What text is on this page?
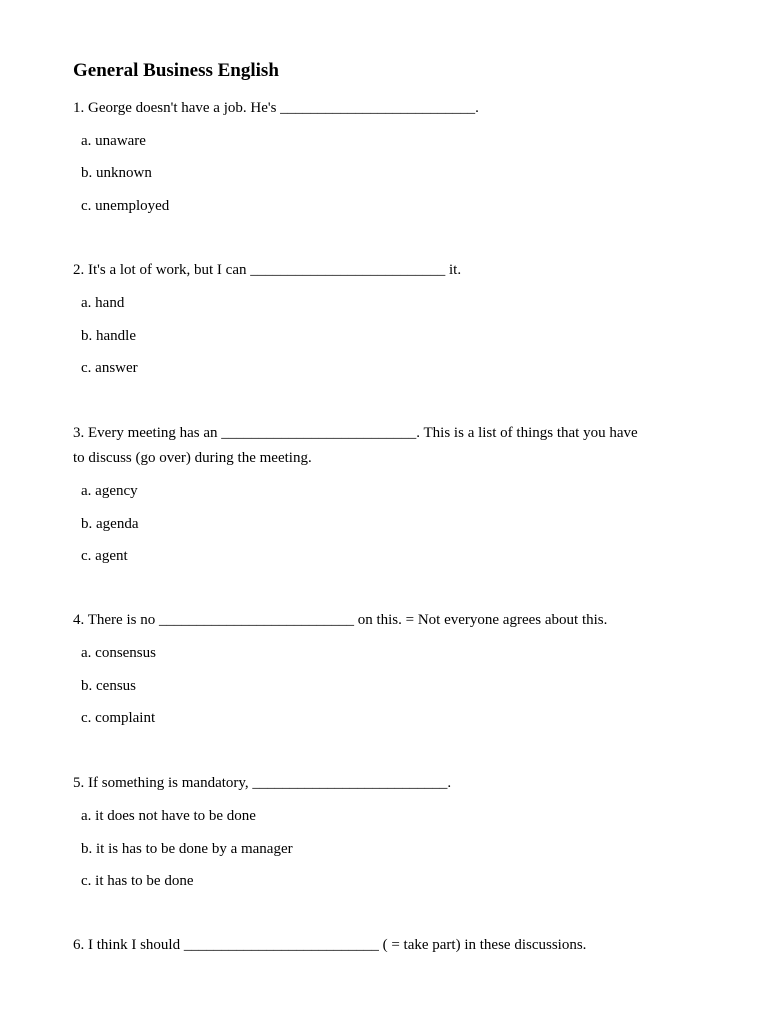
General Business English
1. George doesn't have a job. He's __________________________.
a. unaware
b. unknown
c. unemployed
2. It's a lot of work, but I can __________________________ it.
a. hand
b. handle
c. answer
3. Every meeting has an __________________________. This is a list of things that you have
to discuss (go over) during the meeting.
a. agency
b. agenda
c. agent
4. There is no __________________________ on this. = Not everyone agrees about this.
a. consensus
b. census
c. complaint
5. If something is mandatory, __________________________.
a. it does not have to be done
b. it is has to be done by a manager
c. it has to be done
6. I think I should __________________________ ( = take part) in these discussions.
